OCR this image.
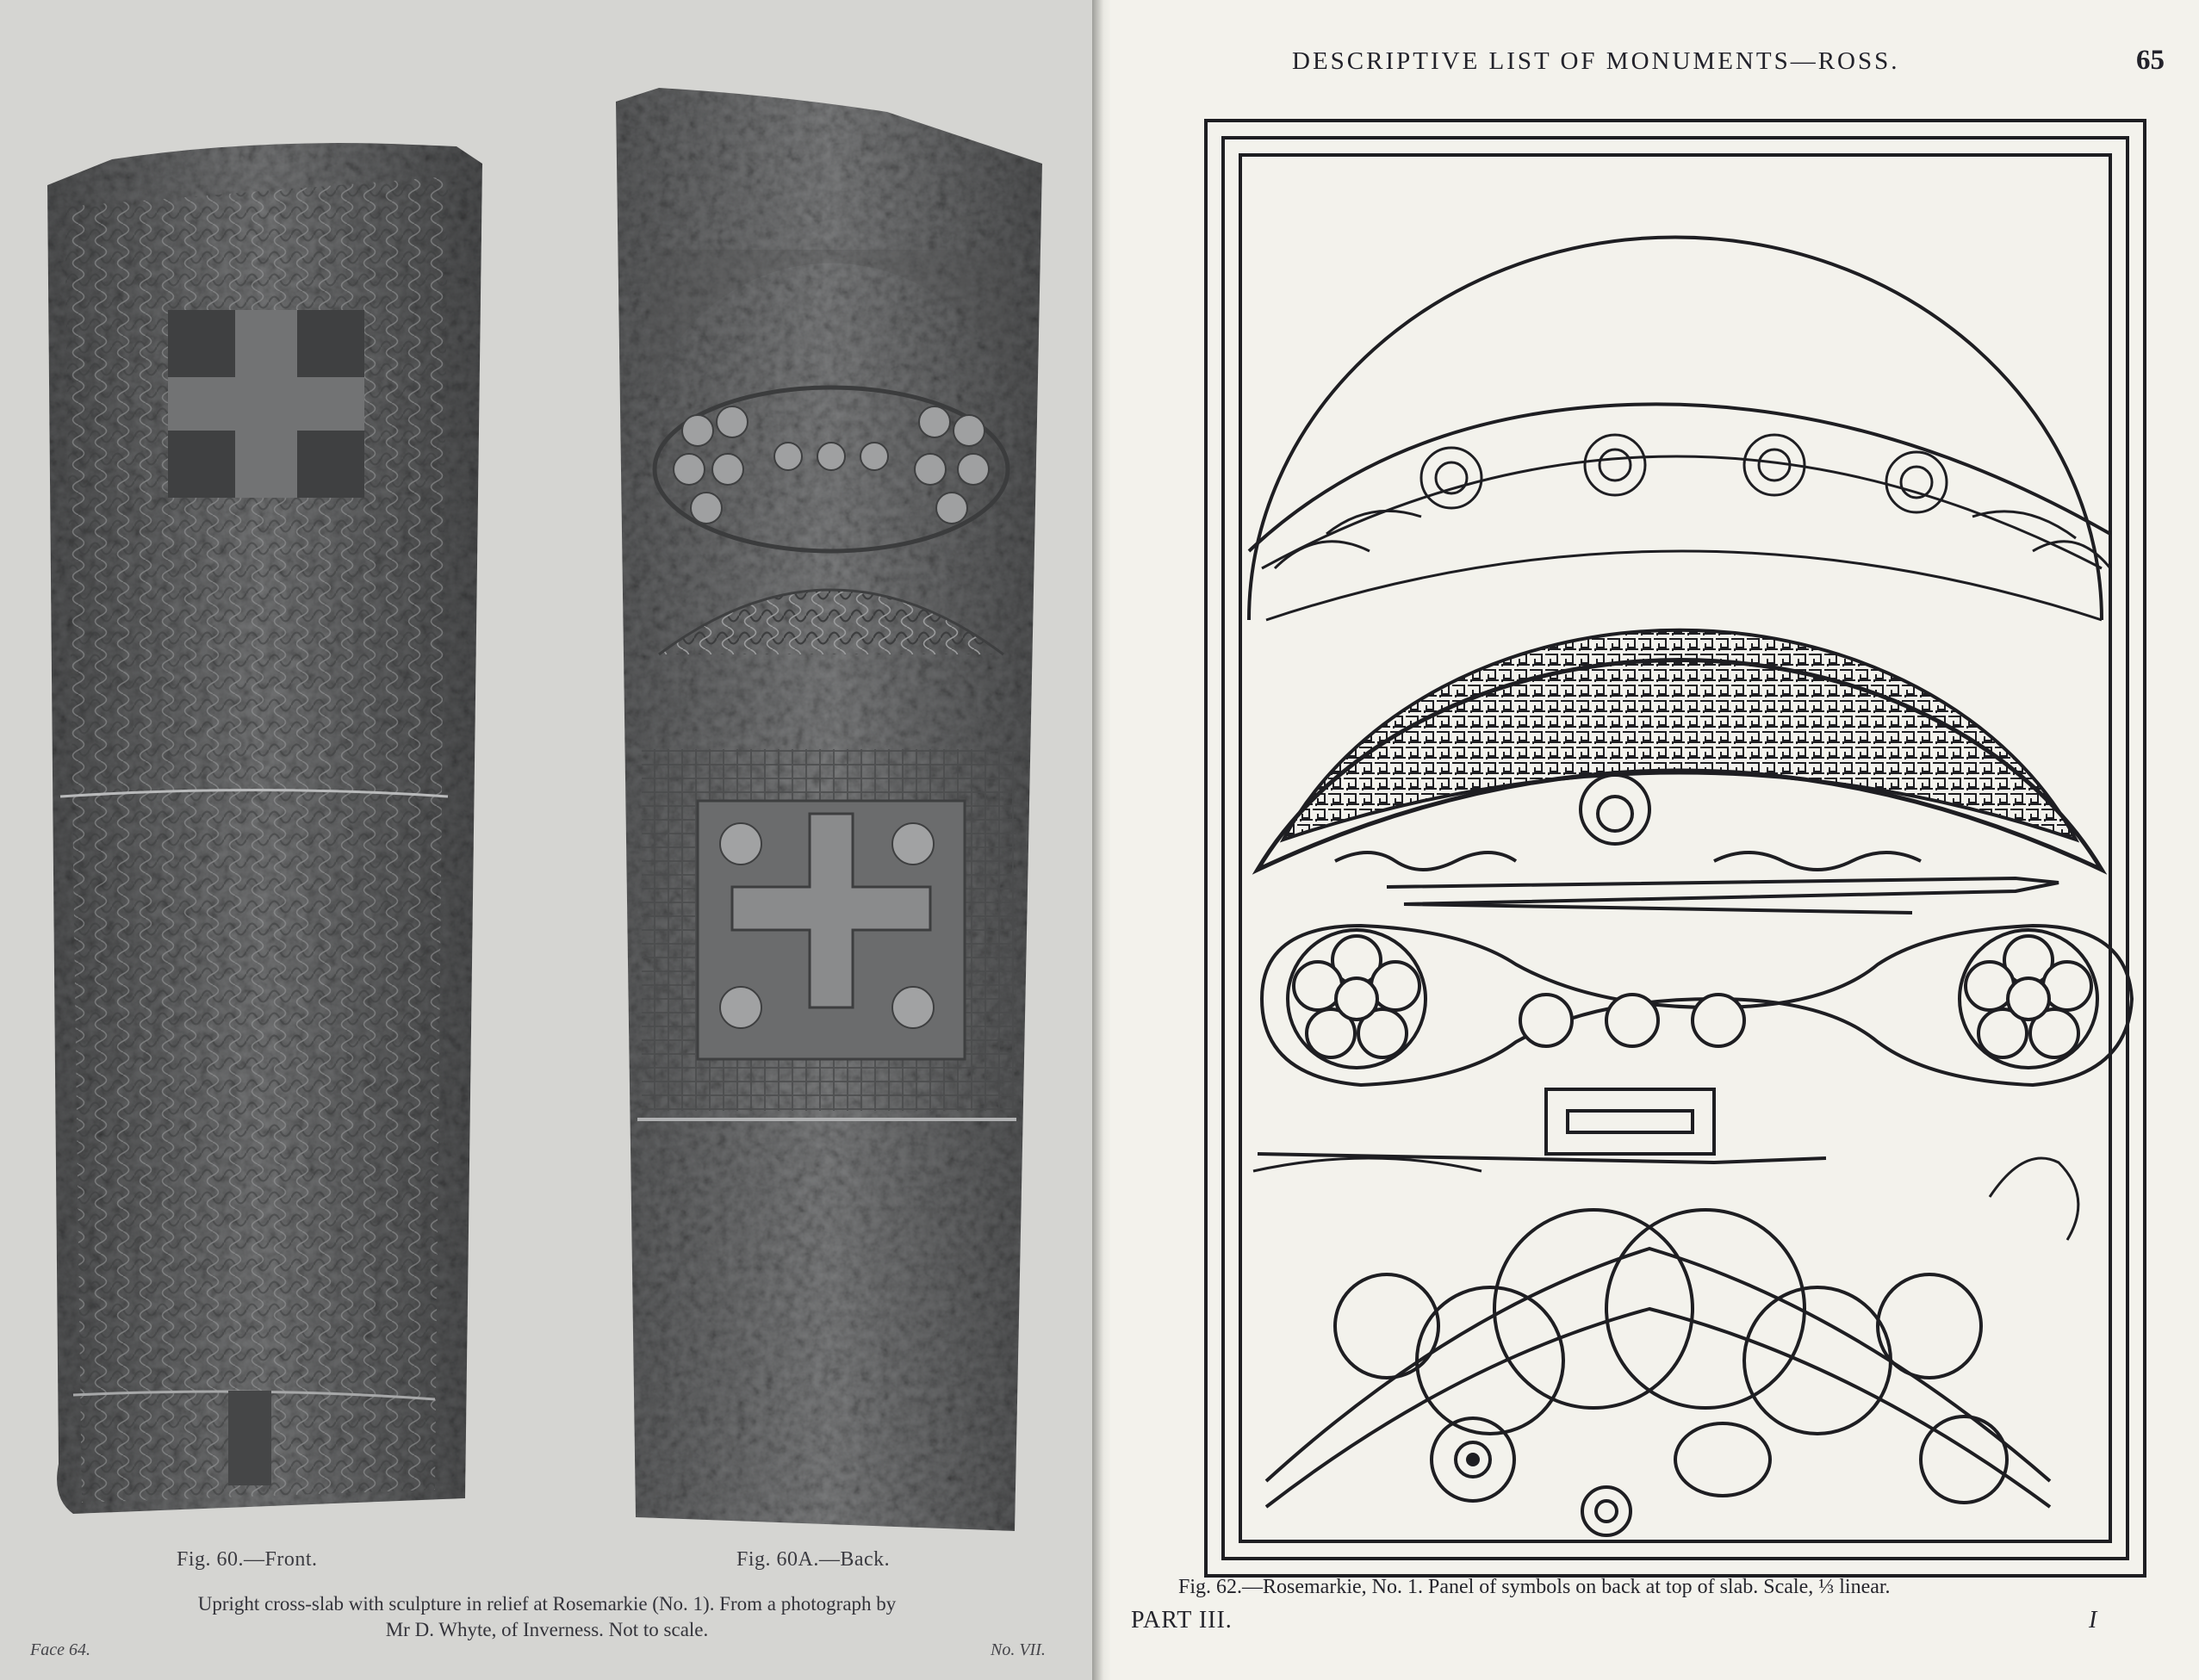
Fig. 60.—Front.	Fig. 60A.—Back.
Upright cross-slab with sculpture in relief at Rosemarkie (No. 1). From a photograph by
Mr D. Whyte, of Inverness. Not to scale.
Face 64.	No. VII.
DESCRIPTIVE LIST OF MONUMENTS—ROSS.	65
Fig. 62.—Rosemarkie, No. 1. Panel of symbols on back at top of slab. Scale, ⅓ linear.
PART III.	I
